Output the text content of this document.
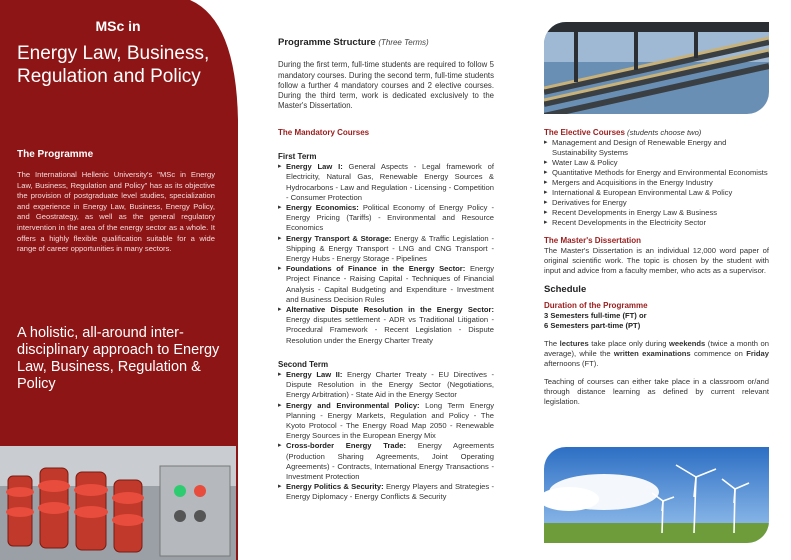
MSc in
Energy Law, Business,
Regulation and Policy
The Programme
The International Hellenic University's "MSc in Energy Law, Business, Regulation and Policy" has as its objective the provision of postgraduate level studies, specialization and experience in Energy Law, Business, Energy Policy, and Geostrategy, as well as the general regulatory intervention in the area of the energy sector as a whole. It offers a highly flexible qualification suitable for a wide range of career opportunities in many sectors.
A holistic, all-around inter-disciplinary approach to Energy Law, Business, Regulation & Policy
Programme Structure (Three Terms)
During the first term, full-time students are required to follow 5 mandatory courses. During the second term, full-time students follow a further 4 mandatory courses and 2 elective courses. During the third term, work is dedicated exclusively to the Master's Dissertation.
The Mandatory Courses
First Term
▸ Energy Law I: General Aspects - Legal framework of Electricity, Natural Gas, Renewable Energy Sources & Hydrocarbons - Law and Regulation - Licensing - Competition - Consumer Protection
▸ Energy Economics: Political Economy of Energy Policy - Energy Pricing (Tariffs) - Environmental and Resource Economics
▸ Energy Transport & Storage: Energy & Traffic Legislation - Shipping & Energy Transport - LNG and CNG Transport - Energy Hubs - Energy Storage - Pipelines
▸ Foundations of Finance in the Energy Sector: Energy Project Finance - Raising Capital - Techniques of Financial Analysis - Capital Budgeting and Expenditure - Investment and Business Decision Rules
▸ Alternative Dispute Resolution in the Energy Sector: Energy disputes settlement - ADR vs Traditional Litigation - Procedural Framework - Recent Legislation - Dispute Resolution under the Energy Charter Treaty
Second Term
▸ Energy Law II: Energy Charter Treaty - EU Directives - Dispute Resolution in the Energy Sector (Negotiations, Energy Arbitration) - State Aid in the Energy Sector
▸ Energy and Environmental Policy: Long Term Energy Planning - Energy Markets, Regulation and Policy - The Kyoto Protocol - The Energy Road Map 2050 - Renewable Energy Sources in the European Energy Mix
▸ Cross-border Energy Trade: Energy Agreements (Production Sharing Agreements, Joint Operating Agreements) - Contracts, International Energy Transactions - Investment Protection
▸ Energy Politics & Security: Energy Players and Strategies - Energy Diplomacy - Energy Conflicts & Security
The Elective Courses (students choose two)
▸ Management and Design of Renewable Energy and Sustainability Systems
▸ Water Law & Policy
▸ Quantitative Methods for Energy and Environmental Economists
▸ Mergers and Acquisitions in the Energy Industry
▸ International & European Environmental Law & Policy
▸ Derivatives for Energy
▸ Recent Developments in Energy Law & Business
▸ Recent Developments in the Electricity Sector
The Master's Dissertation
The Master's Dissertation is an individual 12,000 word paper of original scientific work. The topic is chosen by the student with input and advice from a faculty member, who acts as a supervisor.
Schedule
Duration of the Programme
3 Semesters full-time (FT) or
6 Semesters part-time (PT)
The lectures take place only during weekends (twice a month on average), while the written examinations commence on Friday afternoons (FT).
Teaching of courses can either take place in a classroom or/and through distance learning as defined by current relevant legislation.
